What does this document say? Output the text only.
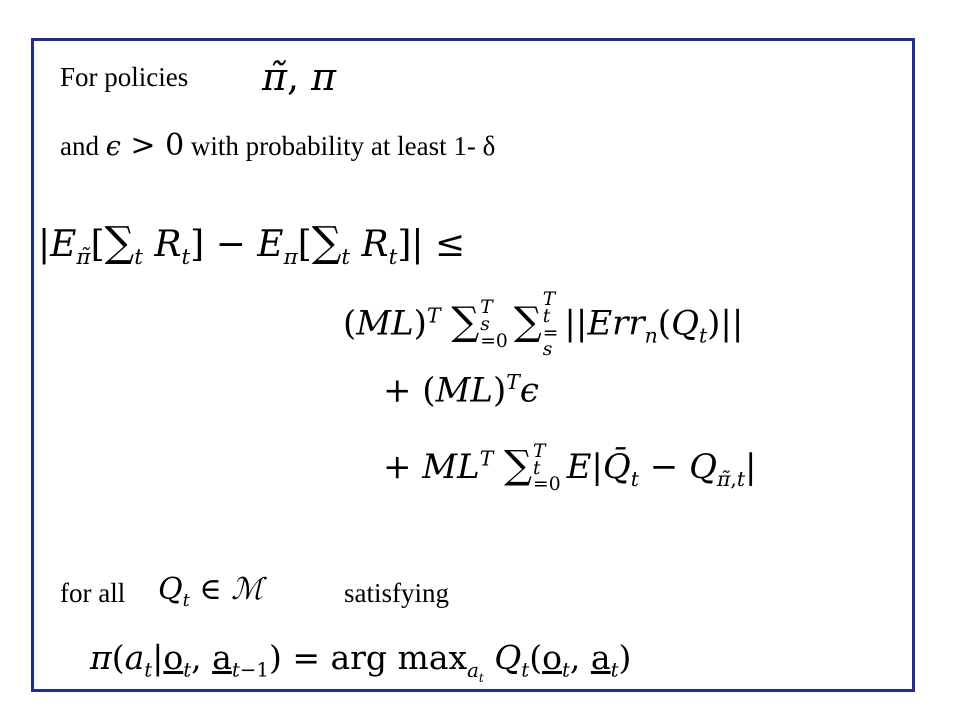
For policies π̃, π
and ϵ > 0 with probability at least 1- δ
$|E_{\pĩ}[\sum_t$ $R_t] - E_\pi[\sum_t$ $R_t]|$ ≤
(ML)$^T$ ∑ T
s
=0 ∑
T
t
=
s
$||Err_n(Q_t)||$
+ (ML)$^T$ϵ
+ $ML^T$ ∑ T
t
=0 $E|Q̄_t - Q_{\pĩ,t}|$
for all $Q_t$ ∈ ℳ	satisfying
$\pi(a_t|o_t$, $a_{t-1}$) = arg $\max_{a_t} Q_t(o_t$, $a_t$)
